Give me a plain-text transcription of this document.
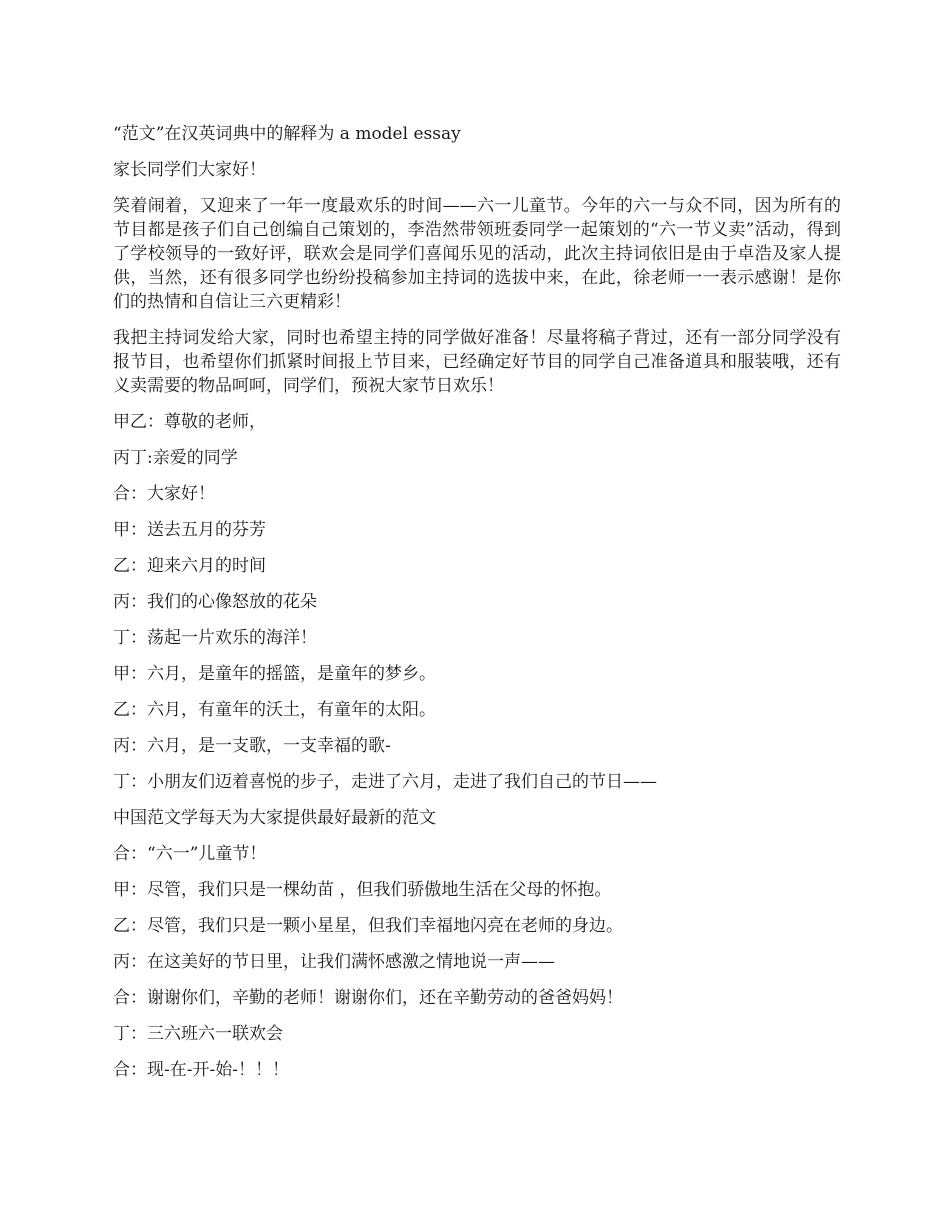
“范文”在汉英词典中的解释为 a model essay

家长同学们大家好！

笑着闹着，又迎来了一年一度最欢乐的时间——六一儿童节。今年的六一与众不同，因为所有的节目都是孩子们自己创编自己策划的，李浩然带领班委同学一起策划的“六一节义卖”活动，得到了学校领导的一致好评，联欢会是同学们喜闻乐见的活动，此次主持词依旧是由于卓浩及家人提供，当然，还有很多同学也纷纷投稿参加主持词的选拔中来，在此，徐老师一一表示感谢！是你们的热情和自信让三六更精彩！

我把主持词发给大家，同时也希望主持的同学做好准备！尽量将稿子背过，还有一部分同学没有报节目，也希望你们抓紧时间报上节目来，已经确定好节目的同学自己准备道具和服装哦，还有义卖需要的物品呵呵，同学们，预祝大家节日欢乐！

甲乙：尊敬的老师，

丙丁:亲爱的同学

合：大家好！

甲：送去五月的芬芳

乙：迎来六月的时间

丙：我们的心像怒放的花朵

丁：荡起一片欢乐的海洋！

甲：六月，是童年的摇篮，是童年的梦乡。

乙：六月，有童年的沃土，有童年的太阳。

丙：六月，是一支歌，一支幸福的歌-

丁：小朋友们迈着喜悦的步子，走进了六月，走进了我们自己的节日——

中国范文学每天为大家提供最好最新的范文

合：“六一”儿童节！

甲：尽管，我们只是一棵幼苗 ，但我们骄傲地生活在父母的怀抱。

乙：尽管，我们只是一颗小星星，但我们幸福地闪亮在老师的身边。

丙：在这美好的节日里，让我们满怀感激之情地说一声——

合：谢谢你们，辛勤的老师！谢谢你们，还在辛勤劳动的爸爸妈妈！

丁：三六班六一联欢会

合：现-在-开-始-！！！
